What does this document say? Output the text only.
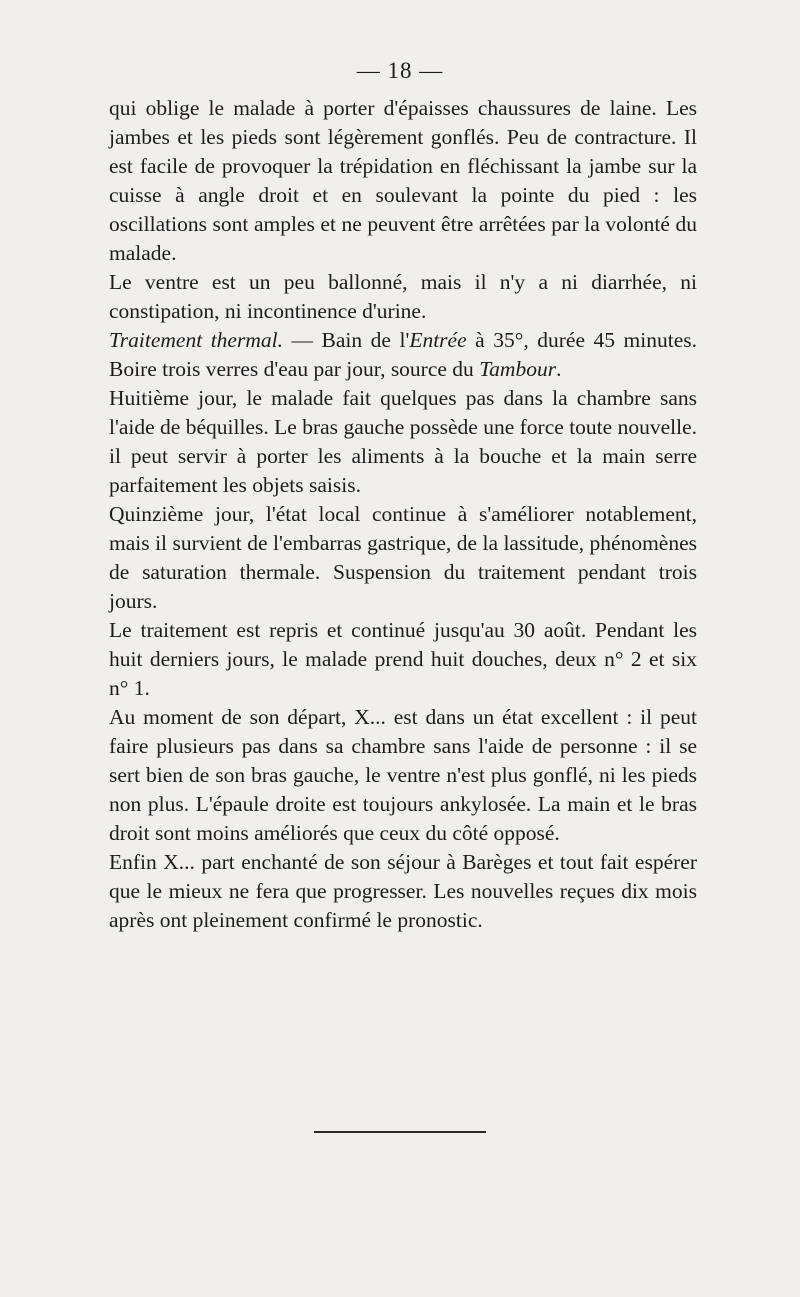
— 18 —

qui oblige le malade à porter d'épaisses chaussures de laine. Les jambes et les pieds sont légèrement gonflés. Peu de contracture. Il est facile de provoquer la trépidation en fléchissant la jambe sur la cuisse à angle droit et en soulevant la pointe du pied : les oscillations sont amples et ne peuvent être arrêtées par la volonté du malade.

Le ventre est un peu ballonné, mais il n'y a ni diarrhée, ni constipation, ni incontinence d'urine.

Traitement thermal. — Bain de l'Entrée à 35°, durée 45 minutes. Boire trois verres d'eau par jour, source du Tambour.

Huitième jour, le malade fait quelques pas dans la chambre sans l'aide de béquilles. Le bras gauche possède une force toute nouvelle. il peut servir à porter les aliments à la bouche et la main serre parfaitement les objets saisis.

Quinzième jour, l'état local continue à s'améliorer notablement, mais il survient de l'embarras gastrique, de la lassitude, phénomènes de saturation thermale. Suspension du traitement pendant trois jours.

Le traitement est repris et continué jusqu'au 30 août. Pendant les huit derniers jours, le malade prend huit douches, deux n° 2 et six n° 1.

Au moment de son départ, X... est dans un état excellent : il peut faire plusieurs pas dans sa chambre sans l'aide de personne : il se sert bien de son bras gauche, le ventre n'est plus gonflé, ni les pieds non plus. L'épaule droite est toujours ankylosée. La main et le bras droit sont moins améliorés que ceux du côté opposé.

Enfin X... part enchanté de son séjour à Barèges et tout fait espérer que le mieux ne fera que progresser. Les nouvelles reçues dix mois après ont pleinement confirmé le pronostic.
